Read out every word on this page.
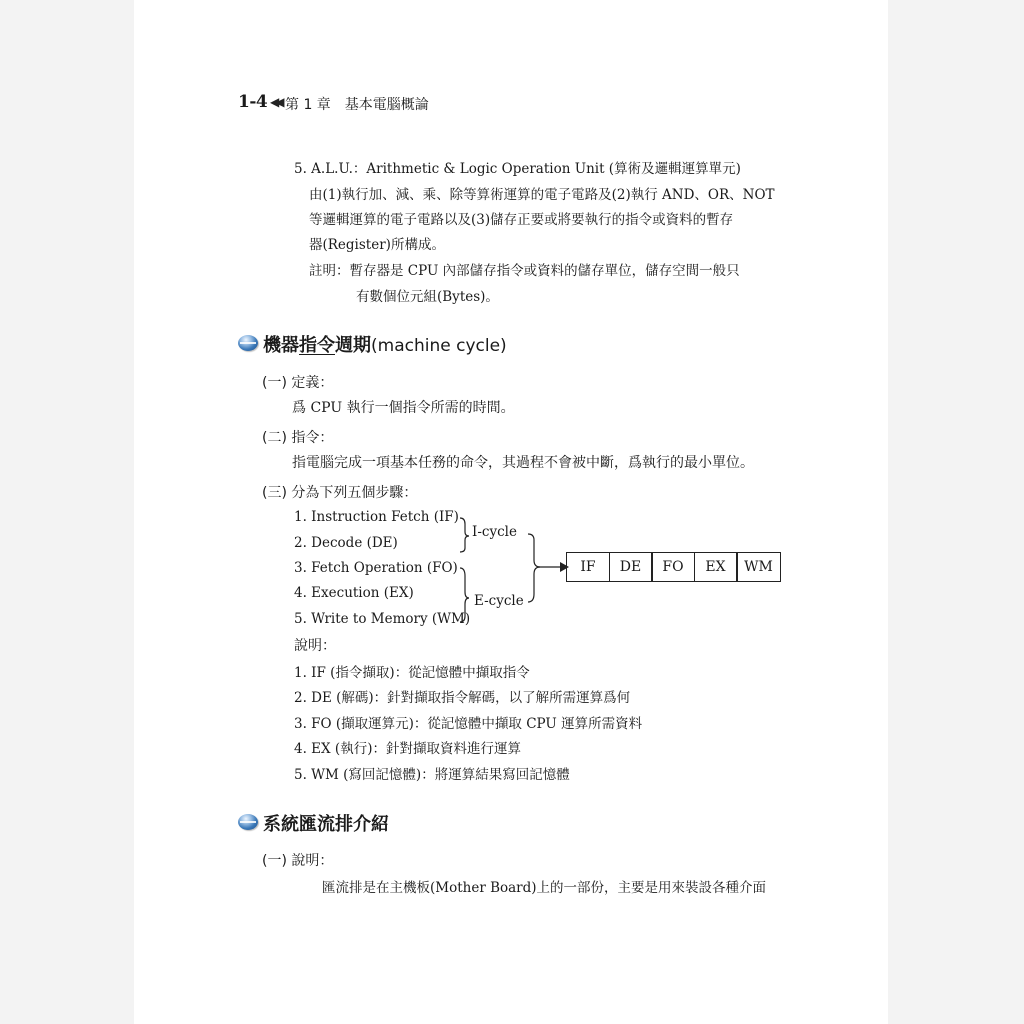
1-4 ◀◀ 第 1 章　基本電腦概論
5. A.L.U.：Arithmetic & Logic Operation Unit (算術及邏輯運算單元)
由(1)執行加、減、乘、除等算術運算的電子電路及(2)執行 AND、OR、NOT
等邏輯運算的電子電路以及(3)儲存正要或將要執行的指令或資料的暫存
器(Register)所構成。
註明：暫存器是 CPU 內部儲存指令或資料的儲存單位，儲存空間一般只
有數個位元組(Bytes)。
機器指令週期(machine cycle)
(一) 定義：
爲 CPU 執行一個指令所需的時間。
(二) 指令：
指電腦完成一項基本任務的命令，其過程不會被中斷，爲執行的最小單位。
(三) 分為下列五個步驟：
1. Instruction Fetch (IF)
2. Decode (DE)
3. Fetch Operation (FO)
4. Execution (EX)
5. Write to Memory (WM)
I-cycle
E-cycle
IF	DE	FO	EX	WM
說明：
1. IF (指令擷取)：從記憶體中擷取指令
2. DE (解碼)：針對擷取指令解碼，以了解所需運算爲何
3. FO (擷取運算元)：從記憶體中擷取 CPU 運算所需資料
4. EX (執行)：針對擷取資料進行運算
5. WM (寫回記憶體)：將運算結果寫回記憶體
系統匯流排介紹
(一) 說明：
匯流排是在主機板(Mother Board)上的一部份，主要是用來裝設各種介面
